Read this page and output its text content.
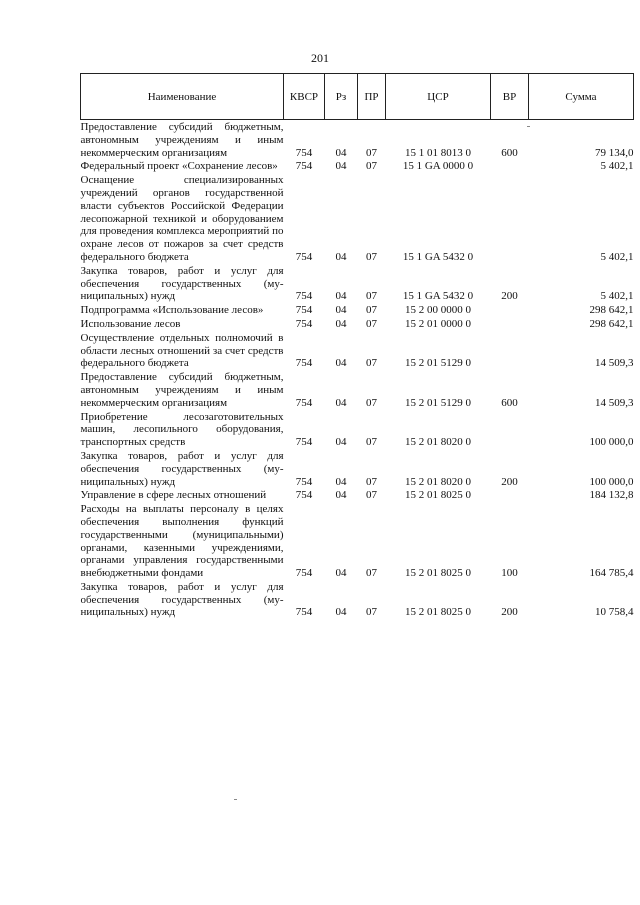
201
Наименование	КВСР	Рз	ПР	ЦСР	ВР	Сумма
Предоставление субсидий бюджетным, автономным учреждениям и иным некоммерческим организациям	754	04	07	15 1 01 8013 0	600	79 134,0
Федеральный проект «Сохранение лесов»	754	04	07	15 1 GA 0000 0		5 402,1
Оснащение специализированных учреждений органов государственной власти субъектов Российской Федерации лесопожарной техникой и оборудованием для проведения комплекса мероприятий по охране лесов от пожаров за счет средств федерального бюджета	754	04	07	15 1 GA 5432 0		5 402,1
Закупка товаров, работ и услуг для обеспечения государственных (муниципальных) нужд	754	04	07	15 1 GA 5432 0	200	5 402,1
Подпрограмма «Использование лесов»	754	04	07	15 2 00 0000 0		298 642,1
Использование лесов	754	04	07	15 2 01 0000 0		298 642,1
Осуществление отдельных полномочий в области лесных отношений за счет средств федерального бюджета	754	04	07	15 2 01 5129 0		14 509,3
Предоставление субсидий бюджетным, автономным учреждениям и иным некоммерческим организациям	754	04	07	15 2 01 5129 0	600	14 509,3
Приобретение лесозаготовительных машин, лесопильного оборудования, транспортных средств	754	04	07	15 2 01 8020 0		100 000,0
Закупка товаров, работ и услуг для обеспечения государственных (муниципальных) нужд	754	04	07	15 2 01 8020 0	200	100 000,0
Управление в сфере лесных отношений	754	04	07	15 2 01 8025 0		184 132,8
Расходы на выплаты персоналу в целях обеспечения выполнения функций государственными (муниципальными) органами, казенными учреждениями, органами управления государственными внебюджетными фондами	754	04	07	15 2 01 8025 0	100	164 785,4
Закупка товаров, работ и услуг для обеспечения государственных (муниципальных) нужд	754	04	07	15 2 01 8025 0	200	10 758,4
